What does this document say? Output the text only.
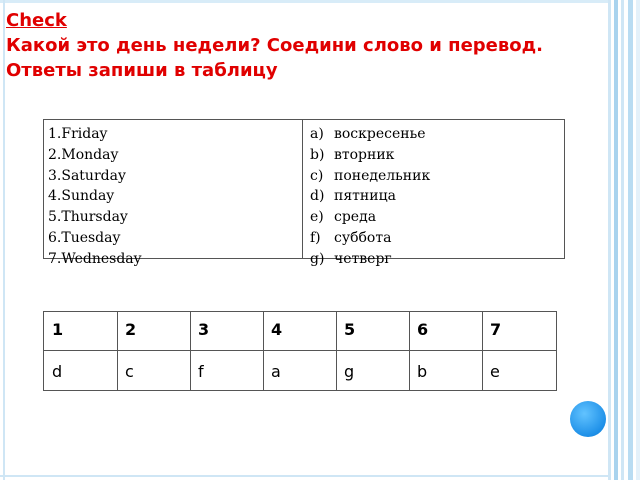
Check
Какой это день недели? Соедини слово и перевод.
Ответы запиши в таблицу
1.Friday
2.Monday
3.Saturday
4.Sunday
5.Thursday
6.Tuesday
7.Wednesday
a) воскресенье
b) вторник
c) понедельник
d) пятница
e) среда
f) суббота
g) четверг
1	2	3	4	5	6	7
d	c	f	a	g	b	e
